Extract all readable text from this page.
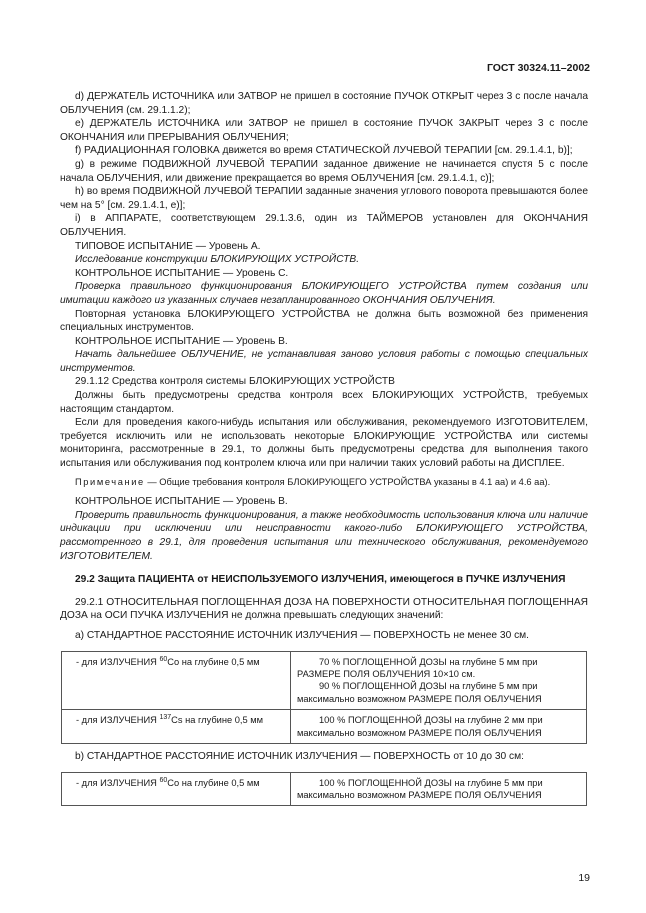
ГОСТ 30324.11–2002

d) ДЕРЖАТЕЛЬ ИСТОЧНИКА или ЗАТВОР не пришел в состояние ПУЧОК ОТКРЫТ через 3 с после начала ОБЛУЧЕНИЯ (см. 29.1.1.2);

е) ДЕРЖАТЕЛЬ ИСТОЧНИКА или ЗАТВОР не пришел в состояние ПУЧОК ЗАКРЫТ через 3 с после ОКОНЧАНИЯ или ПРЕРЫВАНИЯ ОБЛУЧЕНИЯ;

f) РАДИАЦИОННАЯ ГОЛОВКА движется во время СТАТИЧЕСКОЙ ЛУЧЕВОЙ ТЕРАПИИ [см. 29.1.4.1, b)];

g) в режиме ПОДВИЖНОЙ ЛУЧЕВОЙ ТЕРАПИИ заданное движение не начинается спустя 5 с после начала ОБЛУЧЕНИЯ, или движение прекращается во время ОБЛУЧЕНИЯ [см. 29.1.4.1, с)];

h) во время ПОДВИЖНОЙ ЛУЧЕВОЙ ТЕРАПИИ заданные значения углового поворота превышаются более чем на 5° [см. 29.1.4.1, е)];

i) в АППАРАТЕ, соответствующем 29.1.3.6, один из ТАЙМЕРОВ установлен для ОКОНЧАНИЯ ОБЛУЧЕНИЯ.

ТИПОВОЕ ИСПЫТАНИЕ — Уровень А.

Исследование конструкции БЛОКИРУЮЩИХ УСТРОЙСТВ.

КОНТРОЛЬНОЕ ИСПЫТАНИЕ — Уровень С.

Проверка правильного функционирования БЛОКИРУЮЩЕГО УСТРОЙСТВА путем создания или имитации каждого из указанных случаев незапланированного ОКОНЧАНИЯ ОБЛУЧЕНИЯ.

Повторная установка БЛОКИРУЮЩЕГО УСТРОЙСТВА не должна быть возможной без применения специальных инструментов.

КОНТРОЛЬНОЕ ИСПЫТАНИЕ — Уровень В.

Начать дальнейшее ОБЛУЧЕНИЕ, не устанавливая заново условия работы с помощью специальных инструментов.

29.1.12 Средства контроля системы БЛОКИРУЮЩИХ УСТРОЙСТВ

Должны быть предусмотрены средства контроля всех БЛОКИРУЮЩИХ УСТРОЙСТВ, требуемых настоящим стандартом.

Если для проведения какого-нибудь испытания или обслуживания, рекомендуемого ИЗГОТОВИТЕЛЕМ, требуется исключить или не использовать некоторые БЛОКИРУЮЩИЕ УСТРОЙСТВА или системы мониторинга, рассмотренные в 29.1, то должны быть предусмотрены средства для выполнения такого испытания или обслуживания под контролем ключа или при наличии таких условий работы на ДИСПЛЕЕ.

Примечание — Общие требования контроля БЛОКИРУЮЩЕГО УСТРОЙСТВА указаны в 4.1 аа) и 4.6 аа).

КОНТРОЛЬНОЕ ИСПЫТАНИЕ — Уровень В.

Проверить правильность функционирования, а также необходимость использования ключа или наличие индикации при исключении или неисправности какого-либо БЛОКИРУЮЩЕГО УСТРОЙСТВА, рассмотренного в 29.1, для проведения испытания или технического обслуживания, рекомендуемого ИЗГОТОВИТЕЛЕМ.

29.2 Защита ПАЦИЕНТА от НЕИСПОЛЬЗУЕМОГО ИЗЛУЧЕНИЯ, имеющегося в ПУЧКЕ ИЗЛУЧЕНИЯ

29.2.1 ОТНОСИТЕЛЬНАЯ ПОГЛОЩЕННАЯ ДОЗА НА ПОВЕРХНОСТИ ОТНОСИТЕЛЬНАЯ ПОГЛОЩЕННАЯ ДОЗА на ОСИ ПУЧКА ИЗЛУЧЕНИЯ не должна превышать следующих значений:

а) СТАНДАРТНОЕ РАССТОЯНИЕ ИСТОЧНИК ИЗЛУЧЕНИЯ — ПОВЕРХНОСТЬ не менее 30 см.

- для ИЗЛУЧЕНИЯ $^{60}$Со на глубине 0,5 мм	70 % ПОГЛОЩЕННОЙ ДОЗЫ на глубине 5 мм при РАЗМЕРЕ ПОЛЯ ОБЛУЧЕНИЯ 10×10 см.
90 % ПОГЛОЩЕННОЙ ДОЗЫ на глубине 5 мм при максимально возможном РАЗМЕРЕ ПОЛЯ ОБЛУЧЕНИЯ

- для ИЗЛУЧЕНИЯ $^{137}$Cs на глубине 0,5 мм	100 % ПОГЛОЩЕННОЙ ДОЗЫ на глубине 2 мм при максимально возможном РАЗМЕРЕ ПОЛЯ ОБЛУЧЕНИЯ

b) СТАНДАРТНОЕ РАССТОЯНИЕ ИСТОЧНИК ИЗЛУЧЕНИЯ — ПОВЕРХНОСТЬ от 10 до 30 см:

- для ИЗЛУЧЕНИЯ $^{60}$Со на глубине 0,5 мм	100 % ПОГЛОЩЕННОЙ ДОЗЫ на глубине 5 мм при максимально возможном РАЗМЕРЕ ПОЛЯ ОБЛУЧЕНИЯ
19
